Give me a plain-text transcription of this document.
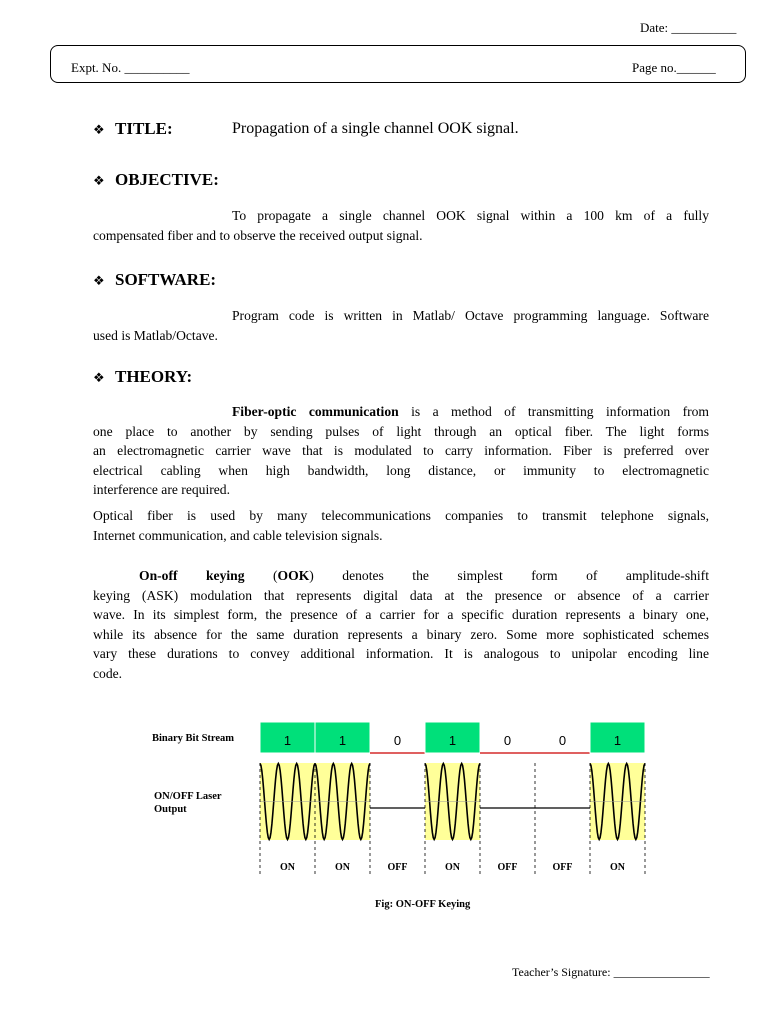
Date: __________
Expt. No. __________	Page no.______
❖ TITLE:	Propagation of a single channel OOK signal.
❖ OBJECTIVE:

To propagate a single channel OOK signal within a 100 km of a fully
compensated fiber and to observe the received output signal.

❖ SOFTWARE:

Program code is written in Matlab/ Octave programming language. Software
used is Matlab/Octave.

❖ THEORY:

Fiber-optic communication is a method of transmitting information from
one place to another by sending pulses of light through an optical fiber. The light forms
an electromagnetic carrier wave that is modulated to carry information. Fiber is preferred over
electrical cabling when high bandwidth, long distance, or immunity to electromagnetic
interference are required.

Optical fiber is used by many telecommunications companies to transmit telephone signals,
Internet communication, and cable television signals.

On-off keying (OOK) denotes the simplest form of amplitude-shift
keying (ASK) modulation that represents digital data at the presence or absence of a carrier
wave. In its simplest form, the presence of a carrier for a specific duration represents a binary one,
while its absence for the same duration represents a binary zero. Some more sophisticated schemes
vary these durations to convey additional information. It is analogous to unipolar encoding line
code.

Binary Bit Stream
ON/OFF Laser
Output
1
ON
1
ON
0
OFF
1
ON
0
OFF
0
OFF
1
ON
Fig: ON-OFF Keying
Teacher’s Signature: ________________
